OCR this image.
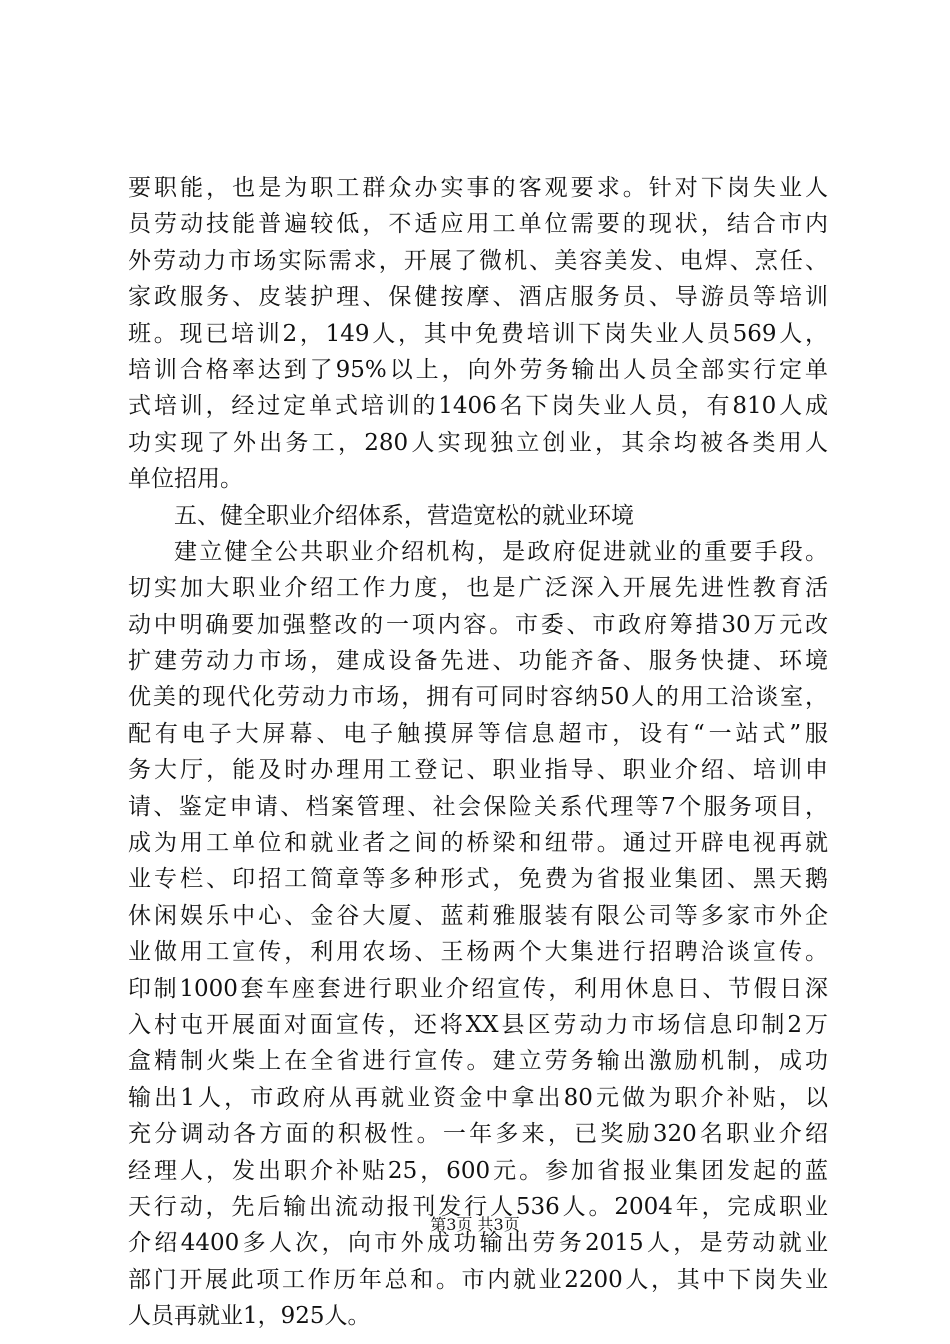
要职能，也是为职工群众办实事的客观要求。针对下岗失业人
员劳动技能普遍较低，不适应用工单位需要的现状，结合市内
外劳动力市场实际需求，开展了微机、美容美发、电焊、烹任、
家政服务、皮装护理、保健按摩、酒店服务员、导游员等培训
班。现已培训2，149人，其中免费培训下岗失业人员569人，
培训合格率达到了95%以上，向外劳务输出人员全部实行定单
式培训，经过定单式培训的1406名下岗失业人员，有810人成
功实现了外出务工，280人实现独立创业，其余均被各类用人
单位招用。
五、健全职业介绍体系，营造宽松的就业环境
建立健全公共职业介绍机构，是政府促进就业的重要手段。
切实加大职业介绍工作力度，也是广泛深入开展先进性教育活
动中明确要加强整改的一项内容。市委、市政府筹措30万元改
扩建劳动力市场，建成设备先进、功能齐备、服务快捷、环境
优美的现代化劳动力市场，拥有可同时容纳50人的用工洽谈室，
配有电子大屏幕、电子触摸屏等信息超市，设有“一站式”服
务大厅，能及时办理用工登记、职业指导、职业介绍、培训申
请、鉴定申请、档案管理、社会保险关系代理等7个服务项目，
成为用工单位和就业者之间的桥梁和纽带。通过开辟电视再就
业专栏、印招工简章等多种形式，免费为省报业集团、黑天鹅
休闲娱乐中心、金谷大厦、蓝莉雅服装有限公司等多家市外企
业做用工宣传，利用农场、王杨两个大集进行招聘洽谈宣传。
印制1000套车座套进行职业介绍宣传，利用休息日、节假日深
入村屯开展面对面宣传，还将XX县区劳动力市场信息印制2万
盒精制火柴上在全省进行宣传。建立劳务输出激励机制，成功
输出1人，市政府从再就业资金中拿出80元做为职介补贴，以
充分调动各方面的积极性。一年多来，已奖励320名职业介绍
经理人，发出职介补贴25，600元。参加省报业集团发起的蓝
天行动，先后输出流动报刊发行人536人。2004年，完成职业
介绍4400多人次，向市外成功输出劳务2015人，是劳动就业
部门开展此项工作历年总和。市内就业2200人，其中下岗失业
人员再就业1，925人。
第3页 共3页
